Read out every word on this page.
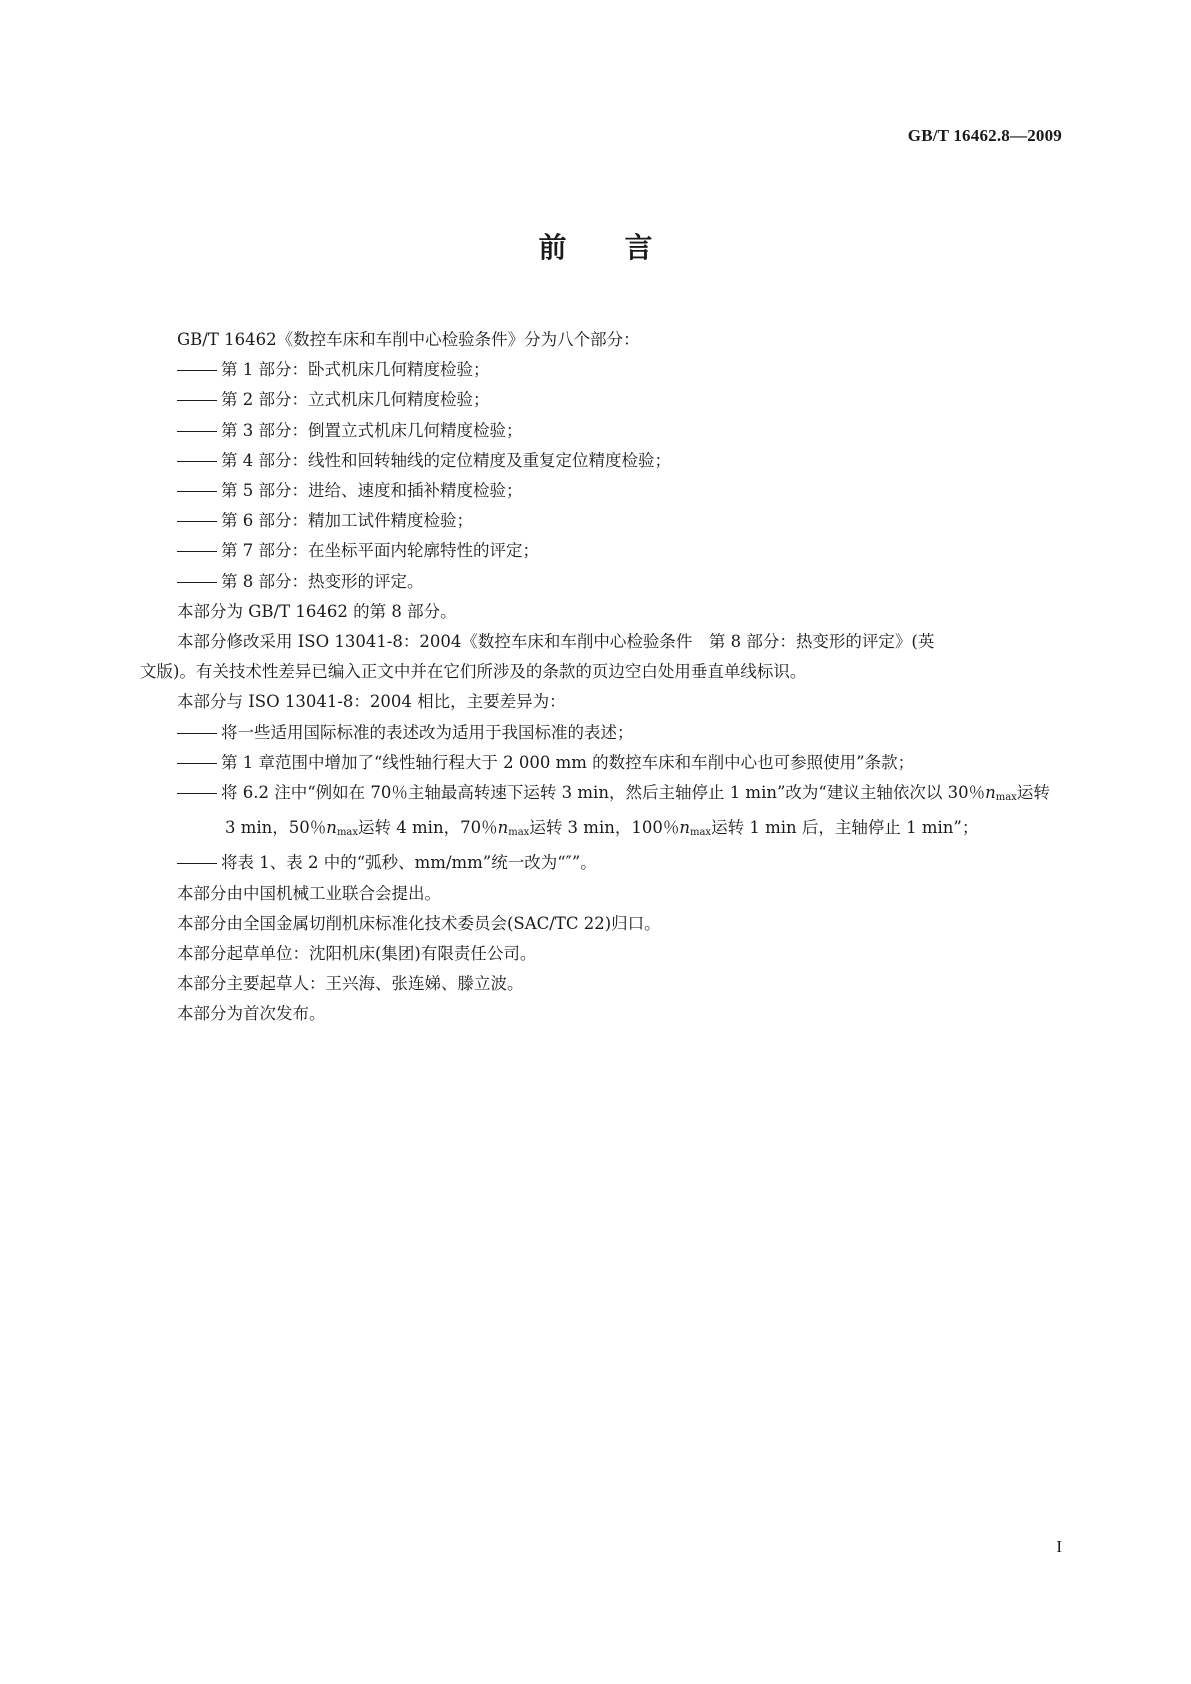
GB/T 16462.8—2009
前 言

GB/T 16462《数控车床和车削中心检验条件》分为八个部分：

第 1 部分：卧式机床几何精度检验；

第 2 部分：立式机床几何精度检验；

第 3 部分：倒置立式机床几何精度检验；

第 4 部分：线性和回转轴线的定位精度及重复定位精度检验；

第 5 部分：进给、速度和插补精度检验；

第 6 部分：精加工试件精度检验；

第 7 部分：在坐标平面内轮廓特性的评定；

第 8 部分：热变形的评定。

本部分为 GB/T 16462 的第 8 部分。

本部分修改采用 ISO 13041-8：2004《数控车床和车削中心检验条件　第 8 部分：热变形的评定》(英
文版)。有关技术性差异已编入正文中并在它们所涉及的条款的页边空白处用垂直单线标识。

本部分与 ISO 13041-8：2004 相比，主要差异为：

将一些适用国际标准的表述改为适用于我国标准的表述；

第 1 章范围中增加了“线性轴行程大于 2 000 mm 的数控车床和车削中心也可参照使用”条款；

将 6.2 注中“例如在 70％主轴最高转速下运转 3 min，然后主轴停止 1 min”改为“建议主轴依次以 30％$n_{max}$运转 3 min，50％$n_{max}$运转 4 min，70％$n_{max}$运转 3 min，100％$n_{max}$运转 1 min 后，主轴停止 1 min”；

将表 1、表 2 中的“弧秒、mm/mm”统一改为“″”。

本部分由中国机械工业联合会提出。

本部分由全国金属切削机床标准化技术委员会(SAC/TC 22)归口。

本部分起草单位：沈阳机床(集团)有限责任公司。

本部分主要起草人：王兴海、张连娣、滕立波。

本部分为首次发布。

I
